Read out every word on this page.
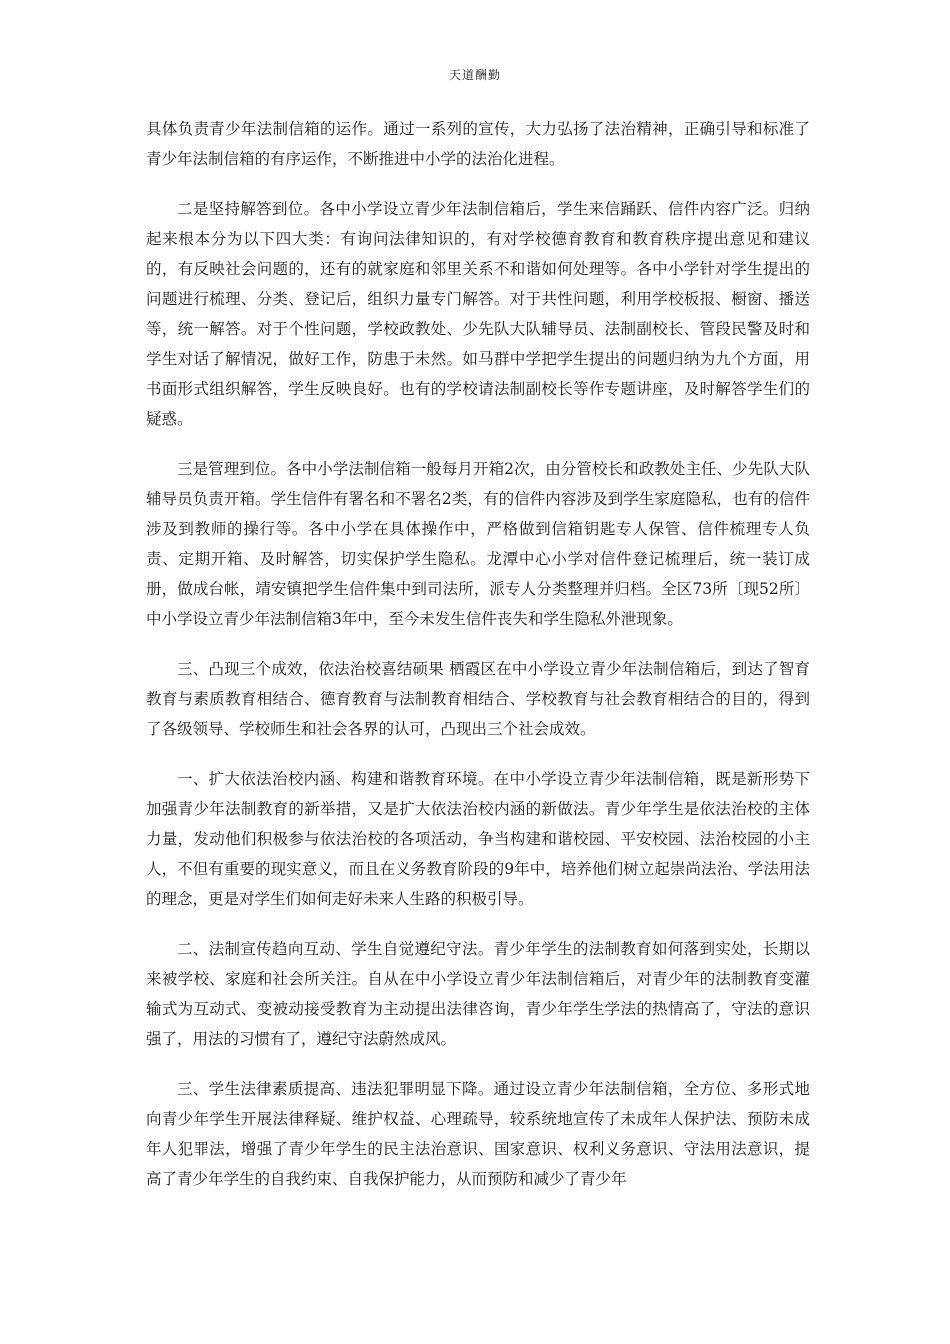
天道酬勤

具体负责青少年法制信箱的运作。通过一系列的宣传，大力弘扬了法治精神，正确引导和标准了青少年法制信箱的有序运作，不断推进中小学的法治化进程。

二是坚持解答到位。各中小学设立青少年法制信箱后，学生来信踊跃、信件内容广泛。归纳起来根本分为以下四大类：有询问法律知识的，有对学校德育教育和教育秩序提出意见和建议的，有反映社会问题的，还有的就家庭和邻里关系不和谐如何处理等。各中小学针对学生提出的问题进行梳理、分类、登记后，组织力量专门解答。对于共性问题，利用学校板报、橱窗、播送等，统一解答。对于个性问题，学校政教处、少先队大队辅导员、法制副校长、管段民警及时和学生对话了解情况，做好工作，防患于未然。如马群中学把学生提出的问题归纳为九个方面，用书面形式组织解答，学生反映良好。也有的学校请法制副校长等作专题讲座，及时解答学生们的疑惑。

三是管理到位。各中小学法制信箱一般每月开箱2次，由分管校长和政教处主任、少先队大队辅导员负责开箱。学生信件有署名和不署名2类，有的信件内容涉及到学生家庭隐私，也有的信件涉及到教师的操行等。各中小学在具体操作中，严格做到信箱钥匙专人保管、信件梳理专人负责、定期开箱、及时解答，切实保护学生隐私。龙潭中心小学对信件登记梳理后，统一装订成册，做成台帐，靖安镇把学生信件集中到司法所，派专人分类整理并归档。全区73所〔现52所〕中小学设立青少年法制信箱3年中，至今未发生信件丧失和学生隐私外泄现象。

三、凸现三个成效，依法治校喜结硕果 栖霞区在中小学设立青少年法制信箱后，到达了智育教育与素质教育相结合、德育教育与法制教育相结合、学校教育与社会教育相结合的目的，得到了各级领导、学校师生和社会各界的认可，凸现出三个社会成效。

一、扩大依法治校内涵、构建和谐教育环境。在中小学设立青少年法制信箱，既是新形势下加强青少年法制教育的新举措，又是扩大依法治校内涵的新做法。青少年学生是依法治校的主体力量，发动他们积极参与依法治校的各项活动，争当构建和谐校园、平安校园、法治校园的小主人，不但有重要的现实意义，而且在义务教育阶段的9年中，培养他们树立起崇尚法治、学法用法的理念，更是对学生们如何走好未来人生路的积极引导。

二、法制宣传趋向互动、学生自觉遵纪守法。青少年学生的法制教育如何落到实处，长期以来被学校、家庭和社会所关注。自从在中小学设立青少年法制信箱后，对青少年的法制教育变灌输式为互动式、变被动接受教育为主动提出法律咨询，青少年学生学法的热情高了，守法的意识强了，用法的习惯有了，遵纪守法蔚然成风。

三、学生法律素质提高、违法犯罪明显下降。通过设立青少年法制信箱，全方位、多形式地向青少年学生开展法律释疑、维护权益、心理疏导，较系统地宣传了未成年人保护法、预防未成年人犯罪法，增强了青少年学生的民主法治意识、国家意识、权利义务意识、守法用法意识，提高了青少年学生的自我约束、自我保护能力，从而预防和减少了青少年
